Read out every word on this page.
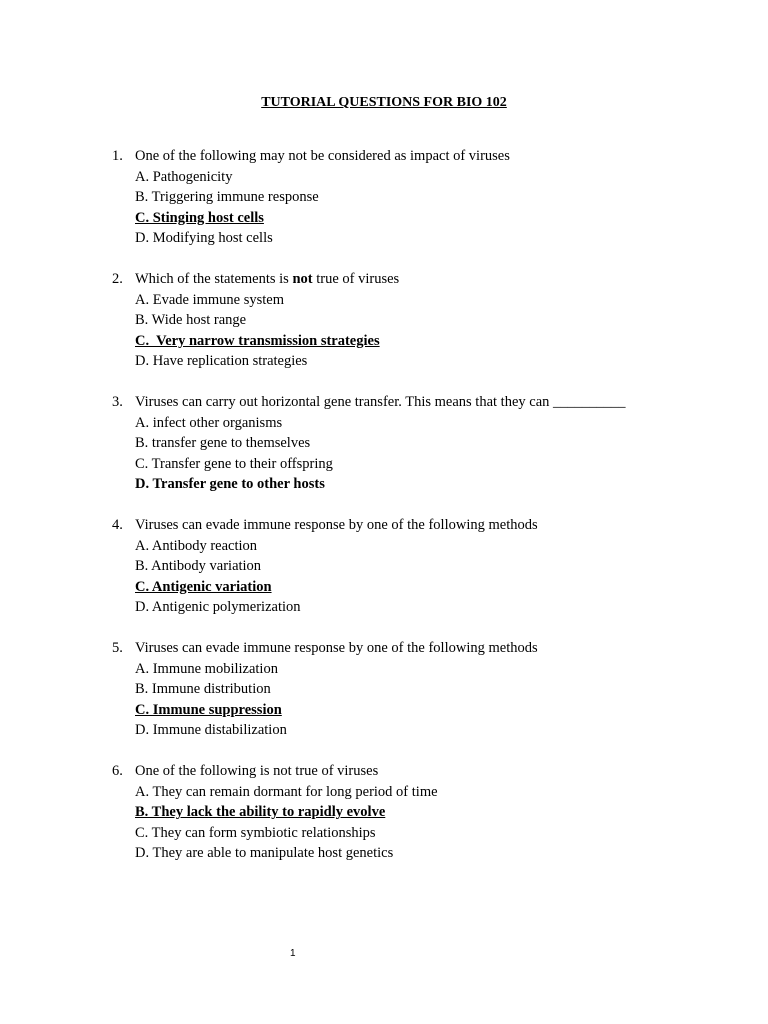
TUTORIAL QUESTIONS FOR BIO 102
1. One of the following may not be considered as impact of viruses
A. Pathogenicity
B. Triggering immune response
C. Stinging host cells
D. Modifying host cells
2. Which of the statements is not true of viruses
A. Evade immune system
B. Wide host range
C.  Very narrow transmission strategies
D. Have replication strategies
3. Viruses can carry out horizontal gene transfer. This means that they can __________
A. infect other organisms
B. transfer gene to themselves
C. Transfer gene to their offspring
D. Transfer gene to other hosts
4. Viruses can evade immune response by one of the following methods
A. Antibody reaction
B. Antibody variation
C. Antigenic variation
D. Antigenic polymerization
5. Viruses can evade immune response by one of the following methods
A. Immune mobilization
B. Immune distribution
C. Immune suppression
D. Immune distabilization
6. One of the following is not true of viruses
A. They can remain dormant for long period of time
B. They lack the ability to rapidly evolve
C. They can form symbiotic relationships
D. They are able to manipulate host genetics
1
